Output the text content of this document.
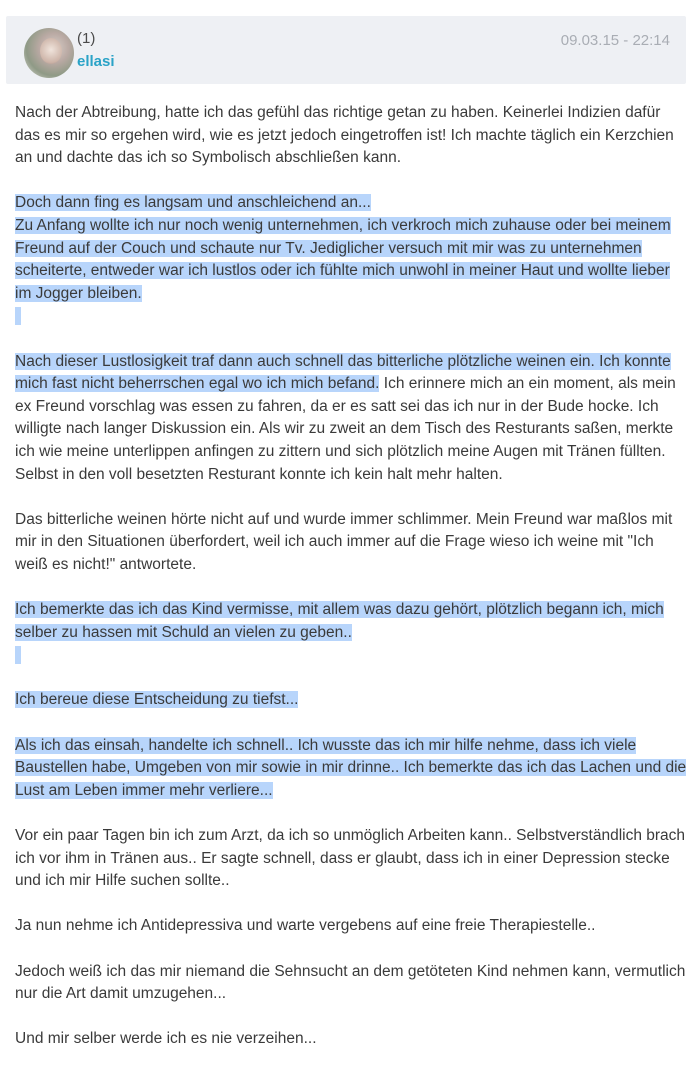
(1)
ellasi
09.03.15 - 22:14

Nach der Abtreibung, hatte ich das gefühl das richtige getan zu haben. Keinerlei Indizien dafür das es mir so ergehen wird, wie es jetzt jedoch eingetroffen ist! Ich machte täglich ein Kerzchien an und dachte das ich so Symbolisch abschließen kann.

Doch dann fing es langsam und anschleichend an...
Zu Anfang wollte ich nur noch wenig unternehmen, ich verkroch mich zuhause oder bei meinem Freund auf der Couch und schaute nur Tv. Jediglicher versuch mit mir was zu unternehmen scheiterte, entweder war ich lustlos oder ich fühlte mich unwohl in meiner Haut und wollte lieber im Jogger bleiben.

Nach dieser Lustlosigkeit traf dann auch schnell das bitterliche plötzliche weinen ein. Ich konnte mich fast nicht beherrschen egal wo ich mich befand. Ich erinnere mich an ein moment, als mein ex Freund vorschlag was essen zu fahren, da er es satt sei das ich nur in der Bude hocke. Ich willigte nach langer Diskussion ein. Als wir zu zweit an dem Tisch des Resturants saßen, merkte ich wie meine unterlippen anfingen zu zittern und sich plötzlich meine Augen mit Tränen füllten. Selbst in den voll besetzten Resturant konnte ich kein halt mehr halten.

Das bitterliche weinen hörte nicht auf und wurde immer schlimmer. Mein Freund war maßlos mit mir in den Situationen überfordert, weil ich auch immer auf die Frage wieso ich weine mit "Ich weiß es nicht!" antwortete.

Ich bemerkte das ich das Kind vermisse, mit allem was dazu gehört, plötzlich begann ich, mich selber zu hassen mit Schuld an vielen zu geben..

Ich bereue diese Entscheidung zu tiefst...

Als ich das einsah, handelte ich schnell.. Ich wusste das ich mir hilfe nehme, dass ich viele Baustellen habe, Umgeben von mir sowie in mir drinne.. Ich bemerkte das ich das Lachen und die Lust am Leben immer mehr verliere...

Vor ein paar Tagen bin ich zum Arzt, da ich so unmöglich Arbeiten kann.. Selbstverständlich brach ich vor ihm in Tränen aus.. Er sagte schnell, dass er glaubt, dass ich in einer Depression stecke und ich mir Hilfe suchen sollte..

Ja nun nehme ich Antidepressiva und warte vergebens auf eine freie Therapiestelle..

Jedoch weiß ich das mir niemand die Sehnsucht an dem getöteten Kind nehmen kann, vermutlich nur die Art damit umzugehen...

Und mir selber werde ich es nie verzeihen...
